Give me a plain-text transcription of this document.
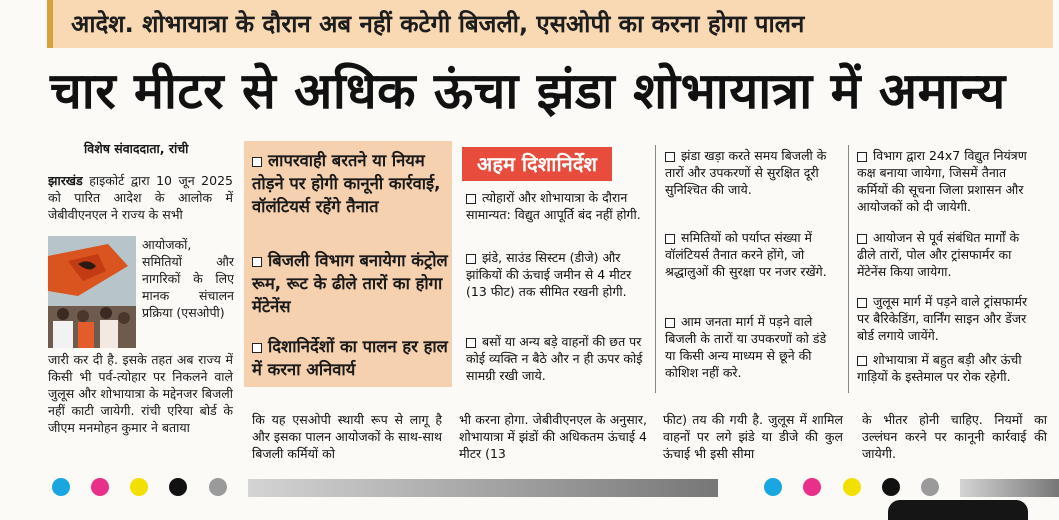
आदेश. शोभायात्रा के दौरान अब नहीं कटेगी बिजली, एसओपी का करना होगा पालन
चार मीटर से अधिक ऊंचा झंडा शोभायात्रा में अमान्य
विशेष संवाददाता, रांची
झारखंड हाइकोर्ट द्वारा 10 जून 2025 को पारित आदेश के आलोक में जेबीवीएनएल ने राज्य के सभी
आयोजकों, समितियों और नागरिकों के लिए मानक संचालन प्रक्रिया (एसओपी)
जारी कर दी है. इसके तहत अब राज्य में किसी भी पर्व-त्योहार पर निकलने वाले जुलूस और शोभायात्रा के मद्देनजर बिजली नहीं काटी जायेगी. रांची एरिया बोर्ड के जीएम मनमोहन कुमार ने बताया
लापरवाही बरतने या नियम तोड़ने पर होगी कानूनी कार्रवाई, वॉलंटियर्स रहेंगे तैनात
बिजली विभाग बनायेगा कंट्रोल रूम, रूट के ढीले तारों का होगा मेंटेनेंस
दिशानिर्देशों का पालन हर हाल में करना अनिवार्य
अहम दिशानिर्देश
त्योहारों और शोभायात्रा के दौरान सामान्यत: विद्युत आपूर्ति बंद नहीं होगी.
झंडे, साउंड सिस्टम (डीजे) और झांकियों की ऊंचाई जमीन से 4 मीटर (13 फीट) तक सीमित रखनी होगी.
बसों या अन्य बड़े वाहनों की छत पर कोई व्यक्ति न बैठे और न ही ऊपर कोई सामग्री रखी जाये.
झंडा खड़ा करते समय बिजली के तारों और उपकरणों से सुरक्षित दूरी सुनिश्चित की जाये.
समितियों को पर्याप्त संख्या में वॉलंटियर्स तैनात करने होंगे, जो श्रद्धालुओं की सुरक्षा पर नजर रखेंगे.
आम जनता मार्ग में पड़ने वाले बिजली के तारों या उपकरणों को डंडे या किसी अन्य माध्यम से छूने की कोशिश नहीं करे.
विभाग द्वारा 24x7 विद्युत नियंत्रण कक्ष बनाया जायेगा, जिसमें तैनात कर्मियों की सूचना जिला प्रशासन और आयोजकों को दी जायेगी.
आयोजन से पूर्व संबंधित मार्गों के ढीले तारों, पोल और ट्रांसफार्मर का मेंटेनेंस किया जायेगा.
जुलूस मार्ग में पड़ने वाले ट्रांसफार्मर पर बैरिकेडिंग, वार्निंग साइन और डेंजर बोर्ड लगाये जायेंगे.
शोभायात्रा में बहुत बड़ी और ऊंची गाड़ियों के इस्तेमाल पर रोक रहेगी.
कि यह एसओपी स्थायी रूप से लागू है और इसका पालन आयोजकों के साथ-साथ बिजली कर्मियों को
भी करना होगा. जेबीवीएनएल के अनुसार, शोभायात्रा में झंडों की अधिकतम ऊंचाई 4 मीटर (13
फीट) तय की गयी है. जुलूस में शामिल वाहनों पर लगे झंडे या डीजे की कुल ऊंचाई भी इसी सीमा
के भीतर होनी चाहिए. नियमों का उल्लंघन करने पर कानूनी कार्रवाई की जायेगी.
